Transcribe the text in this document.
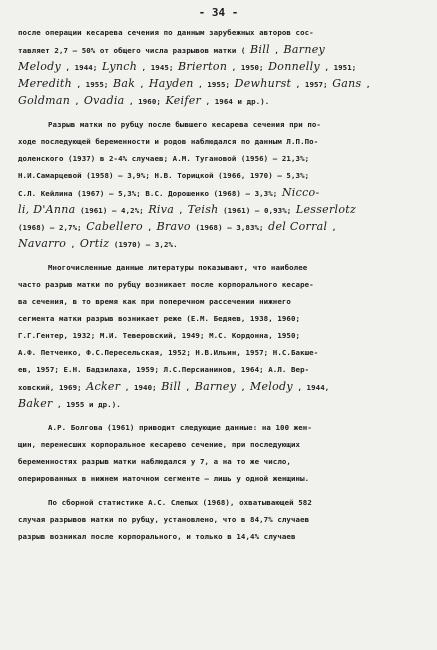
- 34 -
после операции кесарева сечения по данным зарубежных авторов сос-
тавляет 2,7 – 50% от общего числа разрывов матки ( Bill , Barney
Melody , 1944; Lynch , 1945; Brierton , 1950; Donnelly , 1951;
Meredith , 1955; Bak , Hayden , 1955; Dewhurst , 1957; Gans ,
Goldman , Ovadia , 1960; Keifer , 1964 и др.).
Разрыв матки по рубцу после бывшего кесарева сечения при по-
ходе последующей беременности и родов наблюдался по данным Л.П.По-
доленского (1937) в 2-4% случаев; А.М. Тугановой (1956) – 21,3%;
Н.И.Самарцевой (1958) – 3,9%; Н.В. Торицкой (1966, 1970) – 5,3%;
С.Л. Кейлина (1967) – 5,3%; В.С. Дорошенко (1968) – 3,3%; Nicco-
li, D'Anna (1961) – 4,2%; Riva , Teish (1961) – 0,93%; Lesserlotz
(1968) – 2,7%; Cabellero , Bravo (1968) – 3,83%; del Corral ,
Navarro , Ortiz (1970) – 3,2%.
Многочисленные данные литературы показывают, что наиболее
часто разрыв матки по рубцу возникает после корпорального кесаре-
ва сечения, в то время как при поперечном рассечении нижнего
сегмента матки разрыв возникает реже (Е.М. Бедяев, 1938, 1960;
Г.Г.Гентер, 1932; М.И. Теверовский, 1949; М.С. Кордонна, 1950;
А.Ф. Петченко, Ф.С.Пересельская, 1952; Н.В.Ильин, 1957; Н.С.Бакше-
ев, 1957; Е.Н. Бадзилаха, 1959; Л.С.Персианинов, 1964; А.Л. Вер-
ховский, 1969; Acker , 1940; Bill , Barney , Melody , 1944,
Baker , 1955 и др.).
А.Р. Болгова (1961) приводит следующие данные: на 100 жен-
щин, перенесших корпоральное кесарево сечение, при последующих
беременностях разрыв матки наблюдался у 7, а на то же число,
оперированных в нижнем маточном сегменте – лишь у одной женщины.
По сборной статистике А.С. Слепых (1968), охватывающей 582
случая разрывов матки по рубцу, установлено, что в 84,7% случаев
разрыв возникал после корпорального, и только в 14,4% случаев
